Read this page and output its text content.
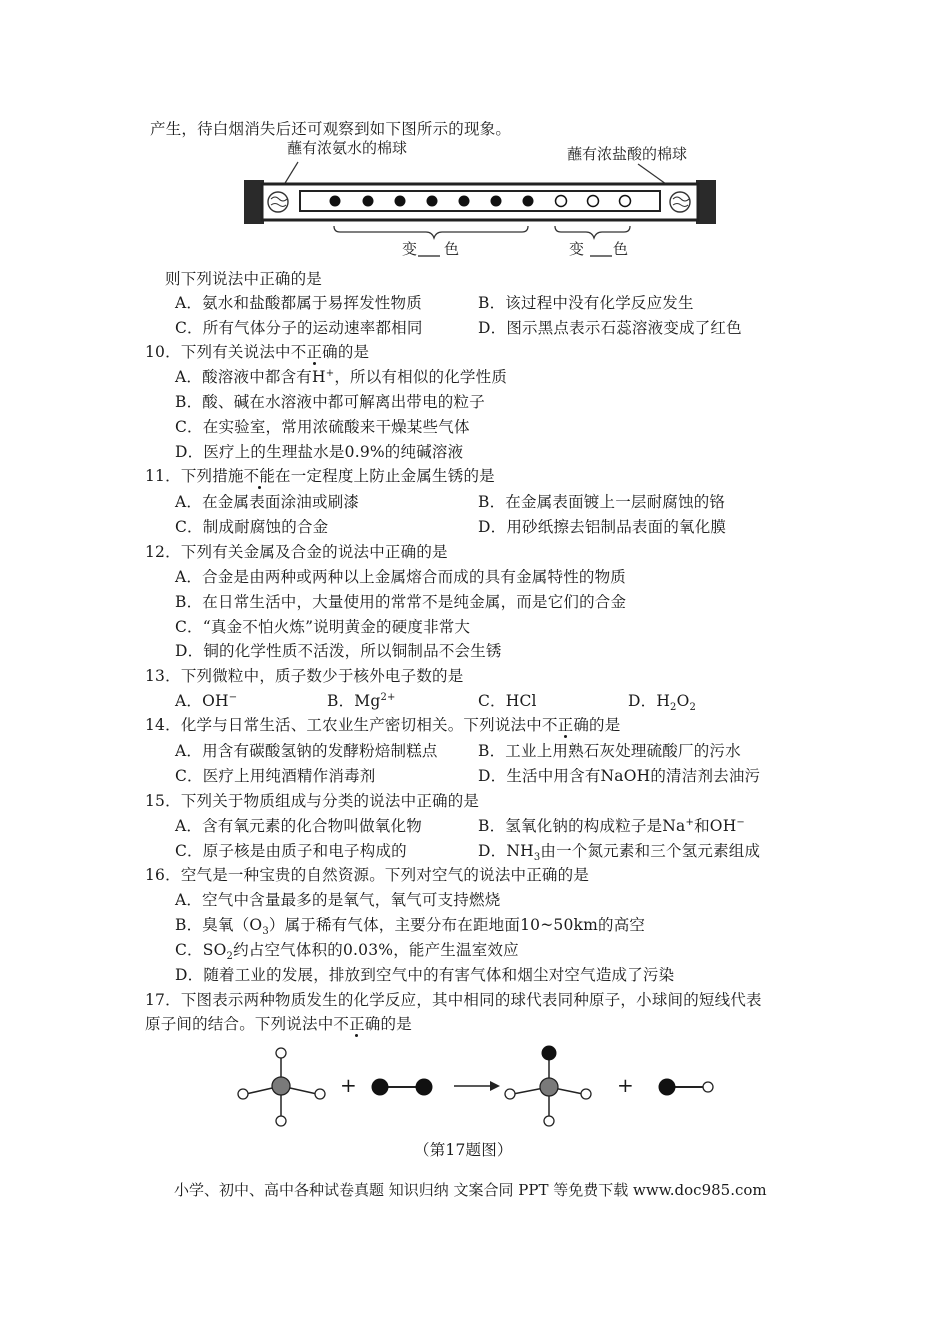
产生，待白烟消失后还可观察到如下图所示的现象。
蘸有浓氨水的棉球	蘸有浓盐酸的棉球
变 色	变 色
则下列说法中正确的是
A．氨水和盐酸都属于易挥发性物质	B．该过程中没有化学反应发生
C．所有气体分子的运动速率都相同	D．图示黑点表示石蕊溶液变成了红色
10．下列有关说法中不正确的是
A．酸溶液中都含有H+，所以有相似的化学性质
B．酸、碱在水溶液中都可解离出带电的粒子
C．在实验室，常用浓硫酸来干燥某些气体
D．医疗上的生理盐水是0.9%的纯碱溶液
11．下列措施不能在一定程度上防止金属生锈的是
A．在金属表面涂油或刷漆	B．在金属表面镀上一层耐腐蚀的铬
C．制成耐腐蚀的合金	D．用砂纸擦去铝制品表面的氧化膜
12．下列有关金属及合金的说法中正确的是
A．合金是由两种或两种以上金属熔合而成的具有金属特性的物质
B．在日常生活中，大量使用的常常不是纯金属，而是它们的合金
C．“真金不怕火炼”说明黄金的硬度非常大
D．铜的化学性质不活泼，所以铜制品不会生锈
13．下列微粒中，质子数少于核外电子数的是
A．OH−	B．$Mg^{2+}$	C．HCl	D．$H_2O_2$
14．化学与日常生活、工农业生产密切相关。下列说法中不正确的是
A．用含有碳酸氢钠的发酵粉焙制糕点	B．工业上用熟石灰处理硫酸厂的污水
C．医疗上用纯酒精作消毒剂	D．生活中用含有NaOH的清洁剂去油污
15．下列关于物质组成与分类的说法中正确的是
A．含有氧元素的化合物叫做氧化物	B．氢氧化钠的构成粒子是Na+和OH−
C．原子核是由质子和电子构成的	D．$NH_3$由一个氮元素和三个氢元素组成
16．空气是一种宝贵的自然资源。下列对空气的说法中正确的是
A．空气中含量最多的是氧气，氧气可支持燃烧
B．臭氧$(O_3)$属于稀有气体，主要分布在距地面10~50km的高空
C．$SO_2$约占空气体积的0.03%，能产生温室效应
D．随着工业的发展，排放到空气中的有害气体和烟尘对空气造成了污染
17．下图表示两种物质发生的化学反应，其中相同的球代表同种原子，小球间的短线代表
原子间的结合。下列说法中不正确的是
+	+
（第17题图）
小学、初中、高中各种试卷真题 知识归纳 文案合同 PPT 等免费下载 www.doc985.com
